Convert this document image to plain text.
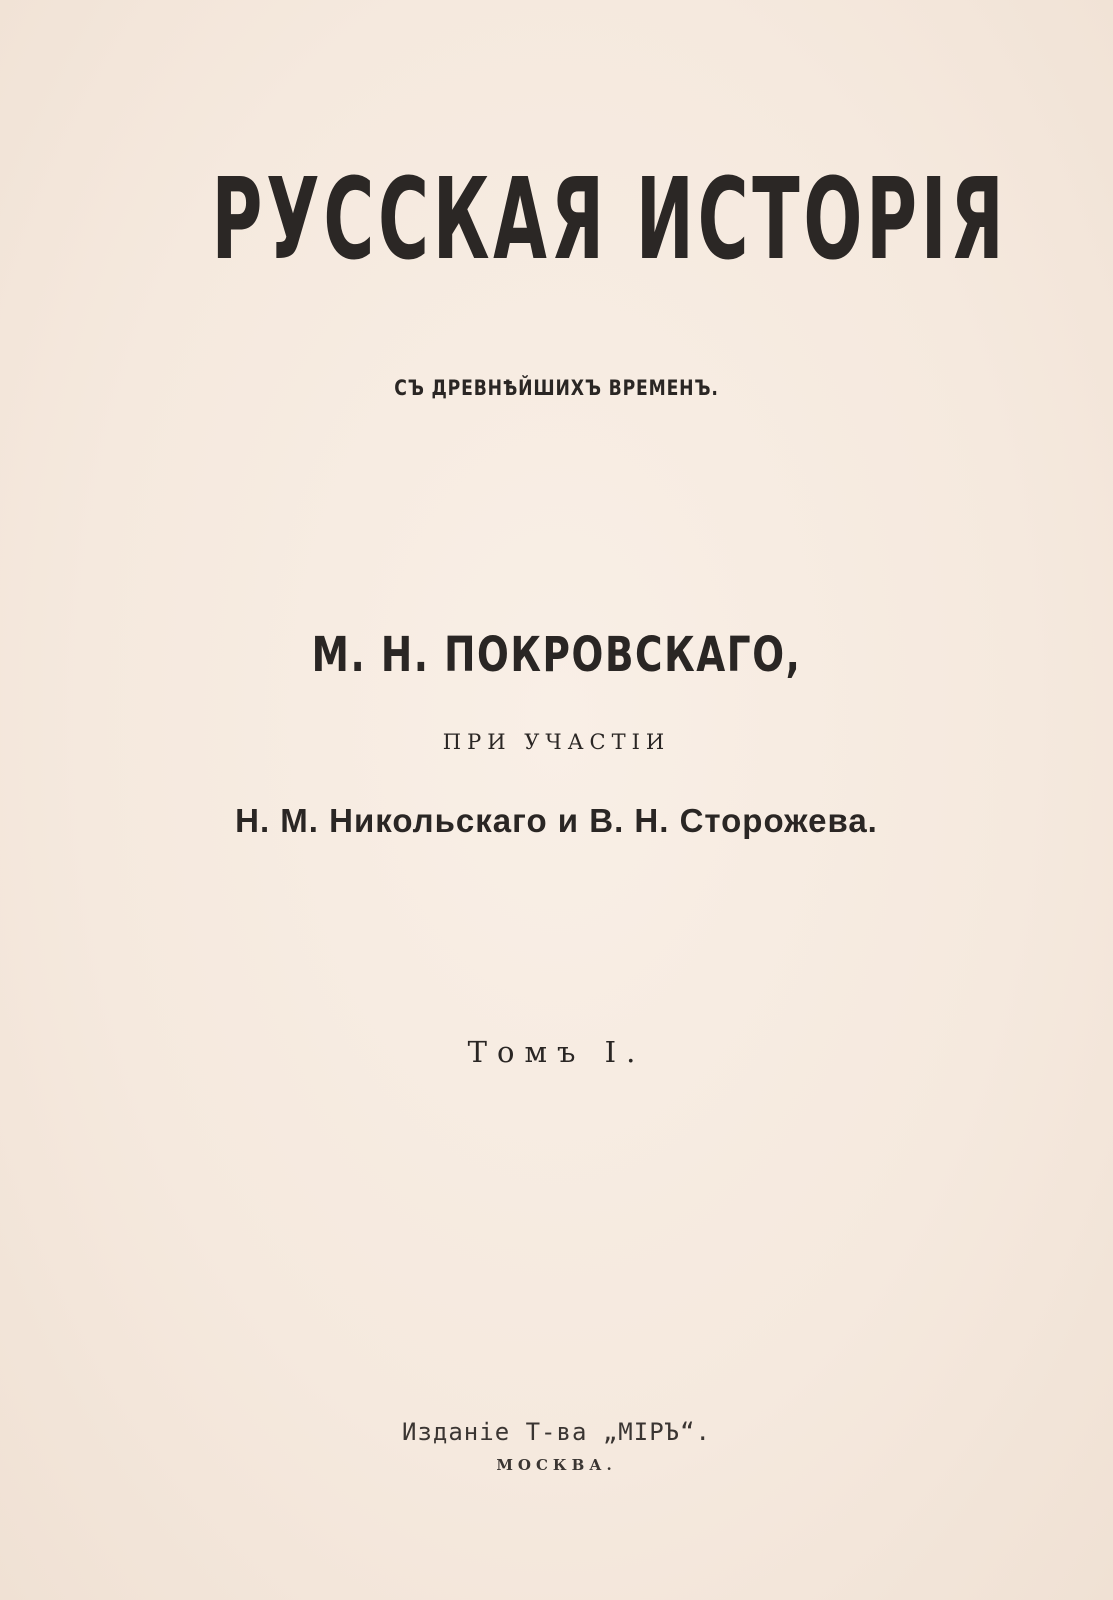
РУССКАЯ ИСТОРІЯ
СЪ ДРЕВНѢЙШИХЪ ВРЕМЕНЪ.
М. Н. ПОКРОВСКАГО,
ПРИ УЧАСТІИ
Н. М. Никольскаго и В. Н. Сторожева.
Томъ I.
Изданіе Т-ва „МІРЪ“.
МОСКВА.
